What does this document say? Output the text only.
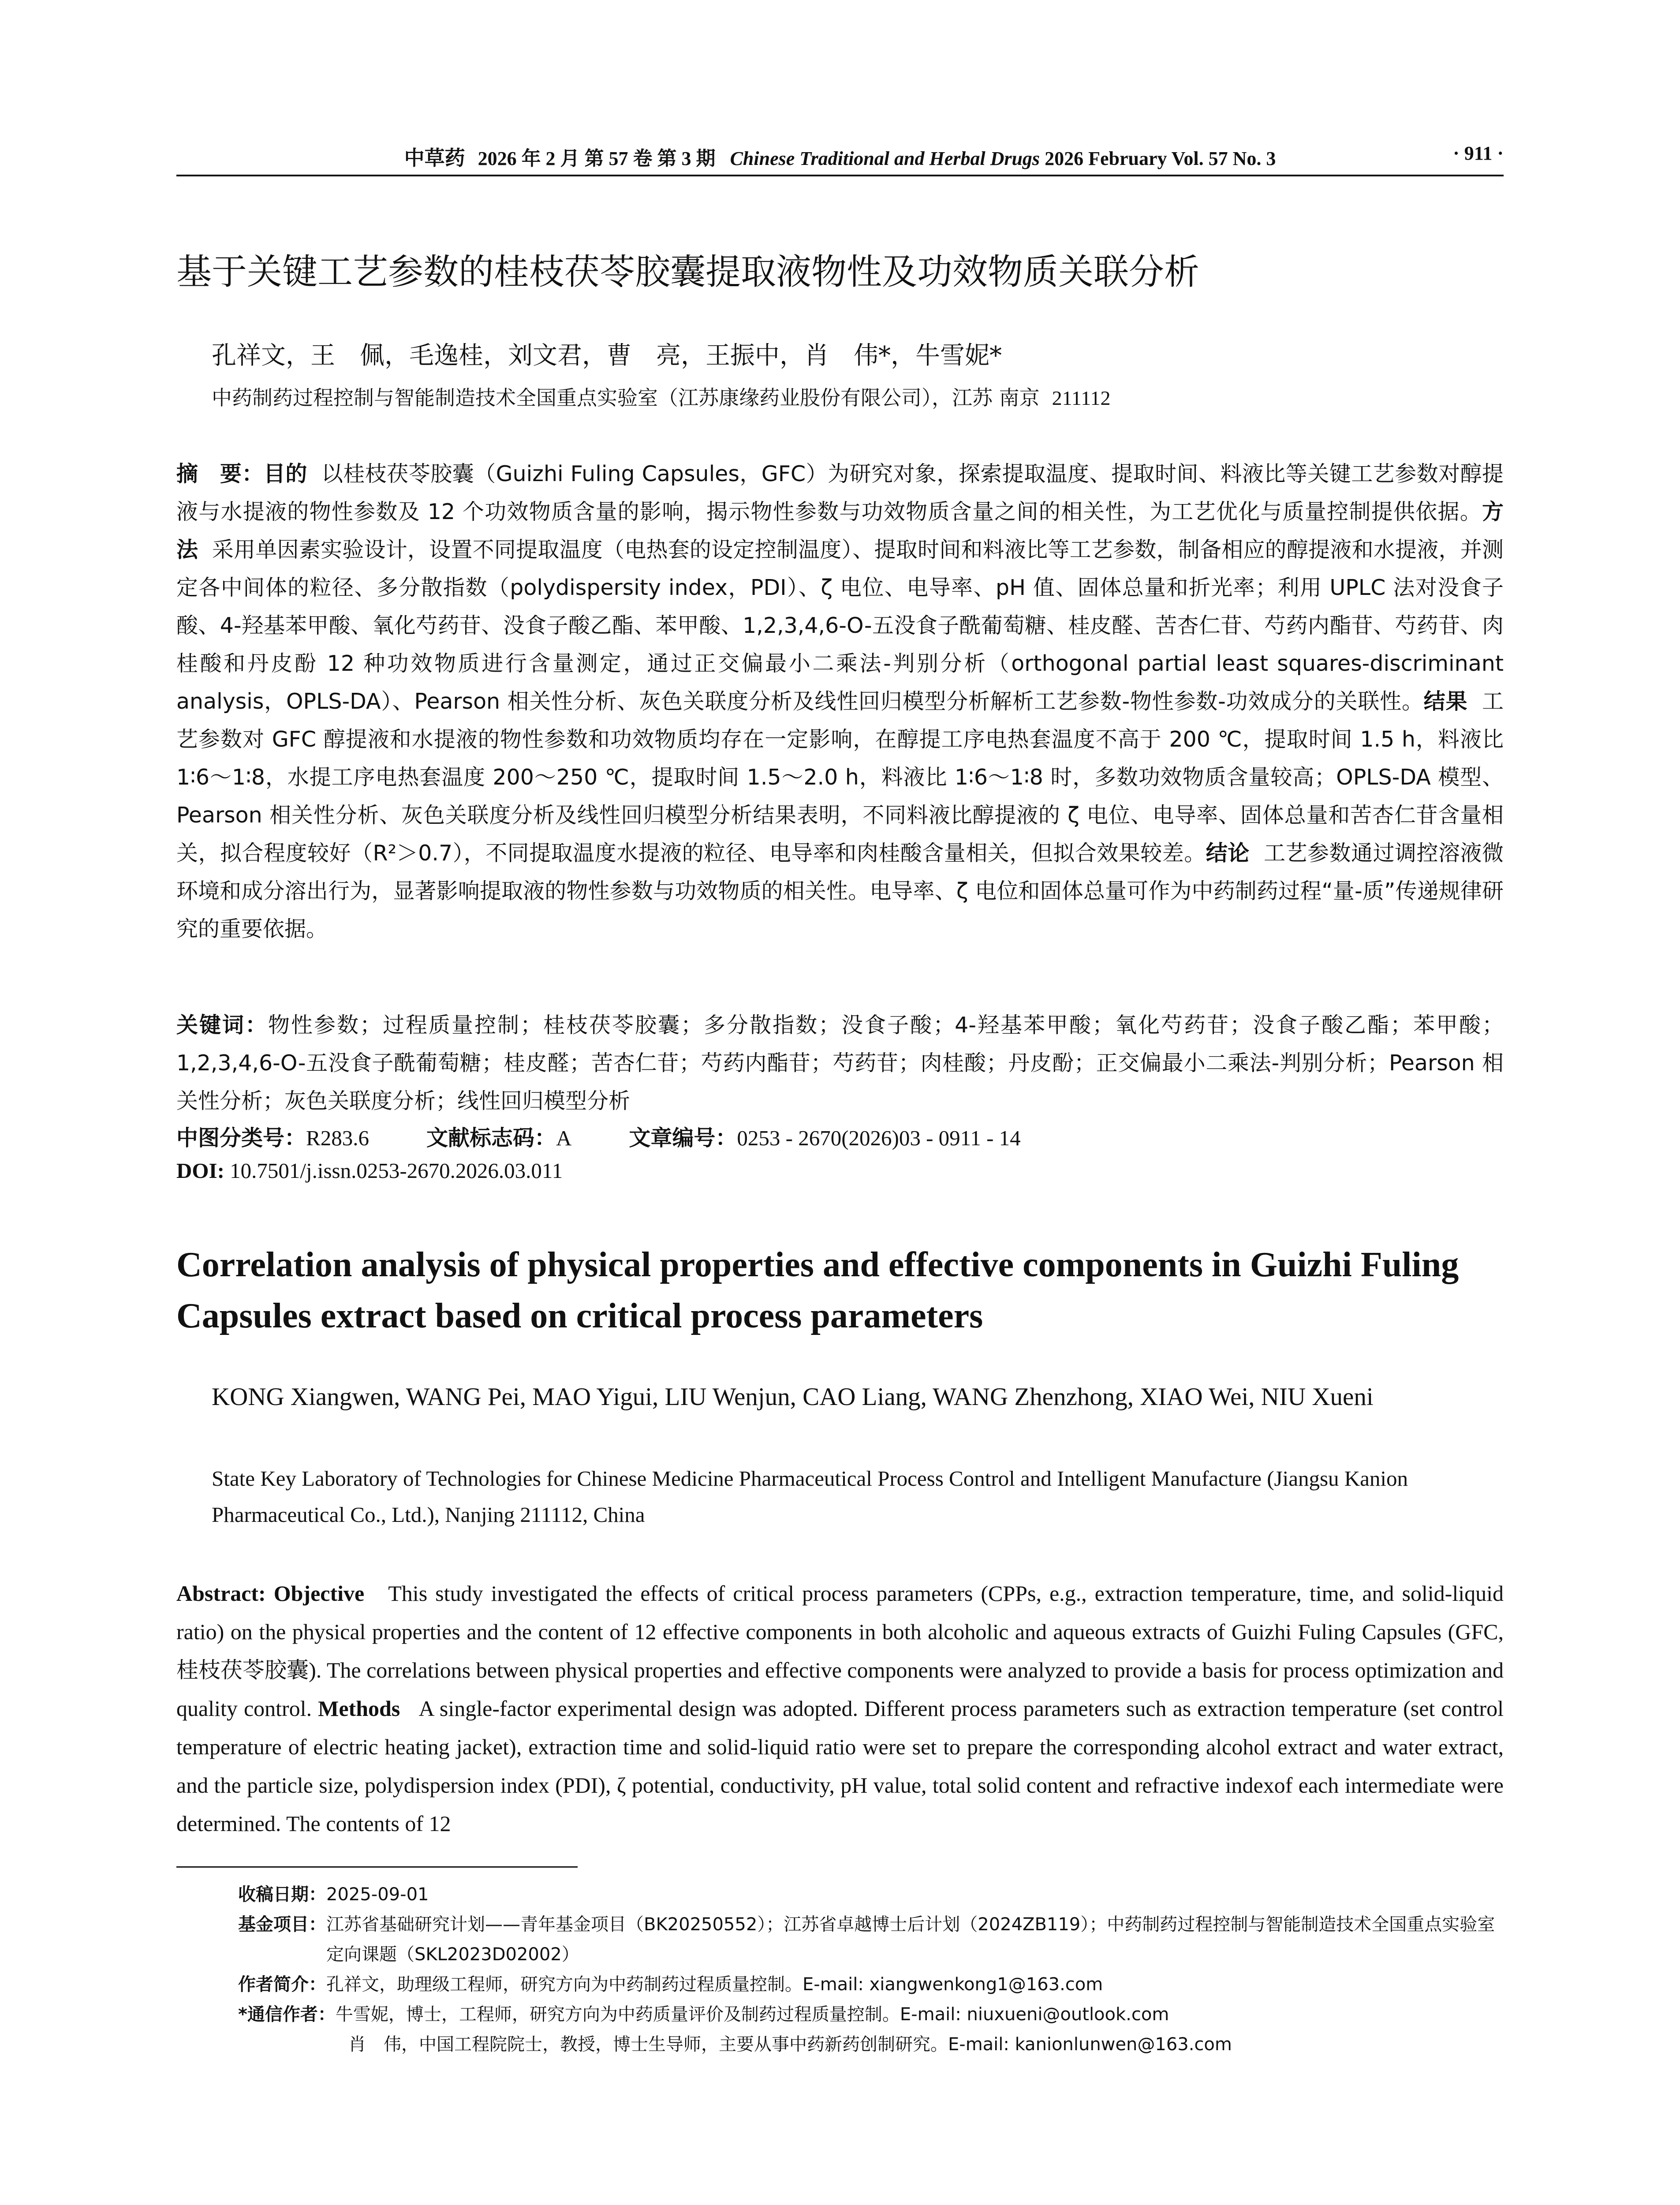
中草药 2026 年 2 月 第 57 卷 第 3 期 Chinese Traditional and Herbal Drugs 2026 February Vol. 57 No. 3	· 911 ·
基于关键工艺参数的桂枝茯苓胶囊提取液物性及功效物质关联分析
孔祥文，王　佩，毛逸桂，刘文君，曹　亮，王振中，肖　伟*，牛雪妮*
中药制药过程控制与智能制造技术全国重点实验室（江苏康缘药业股份有限公司），江苏 南京 211112
摘　要：目的 以桂枝茯苓胶囊（Guizhi Fuling Capsules，GFC）为研究对象，探索提取温度、提取时间、料液比等关键工艺参数对醇提液与水提液的物性参数及 12 个功效物质含量的影响，揭示物性参数与功效物质含量之间的相关性，为工艺优化与质量控制提供依据。方法 采用单因素实验设计，设置不同提取温度（电热套的设定控制温度）、提取时间和料液比等工艺参数，制备相应的醇提液和水提液，并测定各中间体的粒径、多分散指数（polydispersity index，PDI）、ζ 电位、电导率、pH 值、固体总量和折光率；利用 UPLC 法对没食子酸、4-羟基苯甲酸、氧化芍药苷、没食子酸乙酯、苯甲酸、1,2,3,4,6-O-五没食子酰葡萄糖、桂皮醛、苦杏仁苷、芍药内酯苷、芍药苷、肉桂酸和丹皮酚 12 种功效物质进行含量测定，通过正交偏最小二乘法-判别分析（orthogonal partial least squares-discriminant analysis，OPLS-DA）、Pearson 相关性分析、灰色关联度分析及线性回归模型分析解析工艺参数-物性参数-功效成分的关联性。结果 工艺参数对 GFC 醇提液和水提液的物性参数和功效物质均存在一定影响，在醇提工序电热套温度不高于 200 ℃，提取时间 1.5 h，料液比 1∶6～1∶8，水提工序电热套温度 200～250 ℃，提取时间 1.5～2.0 h，料液比 1∶6～1∶8 时，多数功效物质含量较高；OPLS-DA 模型、Pearson 相关性分析、灰色关联度分析及线性回归模型分析结果表明，不同料液比醇提液的 ζ 电位、电导率、固体总量和苦杏仁苷含量相关，拟合程度较好（R²＞0.7），不同提取温度水提液的粒径、电导率和肉桂酸含量相关，但拟合效果较差。结论 工艺参数通过调控溶液微环境和成分溶出行为，显著影响提取液的物性参数与功效物质的相关性。电导率、ζ 电位和固体总量可作为中药制药过程“量-质”传递规律研究的重要依据。
关键词：物性参数；过程质量控制；桂枝茯苓胶囊；多分散指数；没食子酸；4-羟基苯甲酸；氧化芍药苷；没食子酸乙酯；苯甲酸；1,2,3,4,6-O-五没食子酰葡萄糖；桂皮醛；苦杏仁苷；芍药内酯苷；芍药苷；肉桂酸；丹皮酚；正交偏最小二乘法-判别分析；Pearson 相关性分析；灰色关联度分析；线性回归模型分析
中图分类号：R283.6	文献标志码：A	文章编号：0253 - 2670(2026)03 - 0911 - 14
DOI: 10.7501/j.issn.0253-2670.2026.03.011
Correlation analysis of physical properties and effective components in Guizhi Fuling Capsules extract based on critical process parameters
KONG Xiangwen, WANG Pei, MAO Yigui, LIU Wenjun, CAO Liang, WANG Zhenzhong, XIAO Wei, NIU Xueni
State Key Laboratory of Technologies for Chinese Medicine Pharmaceutical Process Control and Intelligent Manufacture (Jiangsu Kanion Pharmaceutical Co., Ltd.), Nanjing 211112, China
Abstract: Objective This study investigated the effects of critical process parameters (CPPs, e.g., extraction temperature, time, and solid-liquid ratio) on the physical properties and the content of 12 effective components in both alcoholic and aqueous extracts of Guizhi Fuling Capsules (GFC, 桂枝茯苓胶囊). The correlations between physical properties and effective components were analyzed to provide a basis for process optimization and quality control. Methods A single-factor experimental design was adopted. Different process parameters such as extraction temperature (set control temperature of electric heating jacket), extraction time and solid-liquid ratio were set to prepare the corresponding alcohol extract and water extract, and the particle size, polydispersion index (PDI), ζ potential, conductivity, pH value, total solid content and refractive indexof each intermediate were determined. The contents of 12
收稿日期： 2025-09-01
基金项目： 江苏省基础研究计划——青年基金项目（BK20250552）；江苏省卓越博士后计划（2024ZB119）；中药制药过程控制与智能制造技术全国重点实验室定向课题（SKL2023D02002）
作者简介： 孔祥文，助理级工程师，研究方向为中药制药过程质量控制。E-mail: xiangwenkong1@163.com
*通信作者： 牛雪妮，博士，工程师，研究方向为中药质量评价及制药过程质量控制。E-mail: niuxueni@outlook.com
肖　伟，中国工程院院士，教授，博士生导师，主要从事中药新药创制研究。E-mail: kanionlunwen@163.com
